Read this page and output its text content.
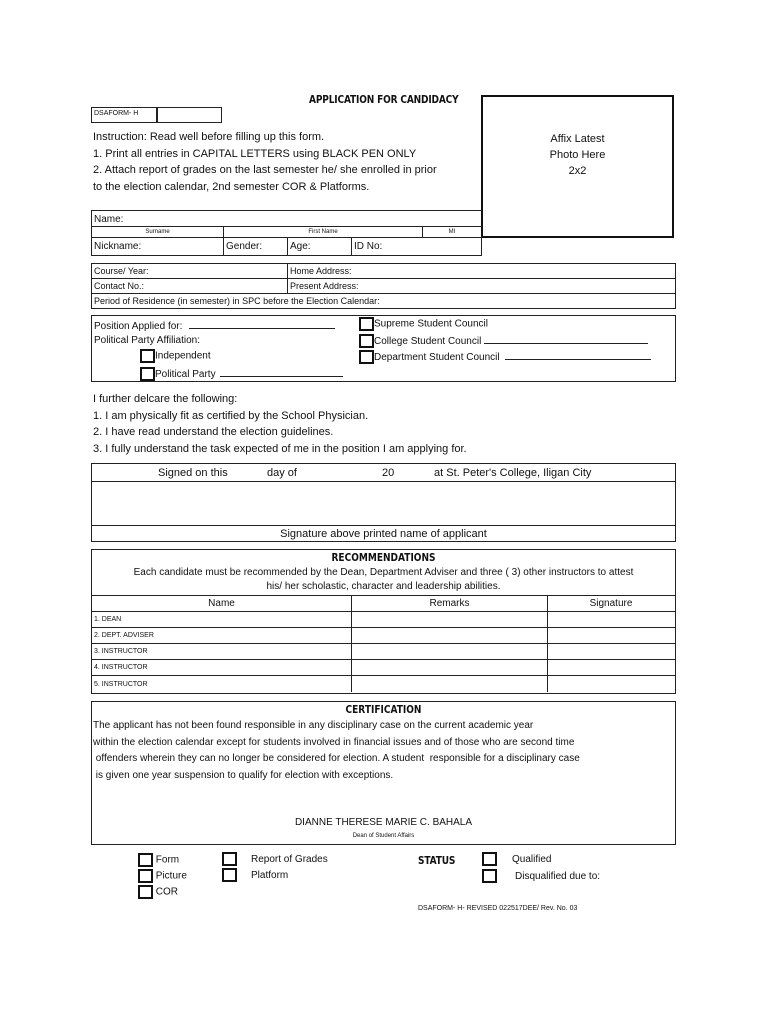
APPLICATION FOR CANDIDACY
DSAFORM- H
Instruction: Read well before filling up this form.
1. Print all entries in CAPITAL LETTERS using BLACK PEN ONLY
2. Attach report of grades on the last semester he/ she enrolled in prior
to the election calendar, 2nd semester COR & Platforms.
Affix Latest
Photo Here
2x2
Name:
Surname	First Name	MI
Nickname:	Gender:	Age:	ID No:
Course/ Year:	Home Address:
Contact No.:	Present Address:
Period of Residence (in semester) in SPC before the Election Calendar:
Position Applied for:
Political Party Affiliation:
Independent
Political Party
Supreme Student Council
College Student Council
Department Student Council
I further delcare the following:
1. I am physically fit as certified by the School Physician.
2. I have read understand the election guidelines.
3. I fully understand the task expected of me in the position I am applying for.
Signed on this	day of	20	at St. Peter's College, Iligan City
Signature above printed name of applicant
RECOMMENDATIONS
Each candidate must be recommended by the Dean, Department Adviser and three ( 3) other instructors to attest
his/ her scholastic, character and leadership abilities.
Name	Remarks	Signature
1. DEAN
2. DEPT. ADVISER
3. INSTRUCTOR
4. INSTRUCTOR
5. INSTRUCTOR
CERTIFICATION
The applicant has not been found responsible in any disciplinary case on the current academic year
within the election calendar except for students involved in financial issues and of those who are second time
offenders wherein they can no longer be considered for election. A student  responsible for a disciplinary case
is given one year suspension to qualify for election with exceptions.
DIANNE THERESE MARIE C. BAHALA
Dean of Student Affairs
Form
Picture
COR
Report of Grades
Platform
STATUS	Qualified
Disqualified due to:
DSAFORM- H- REVISED 022517DEE/ Rev. No. 03
